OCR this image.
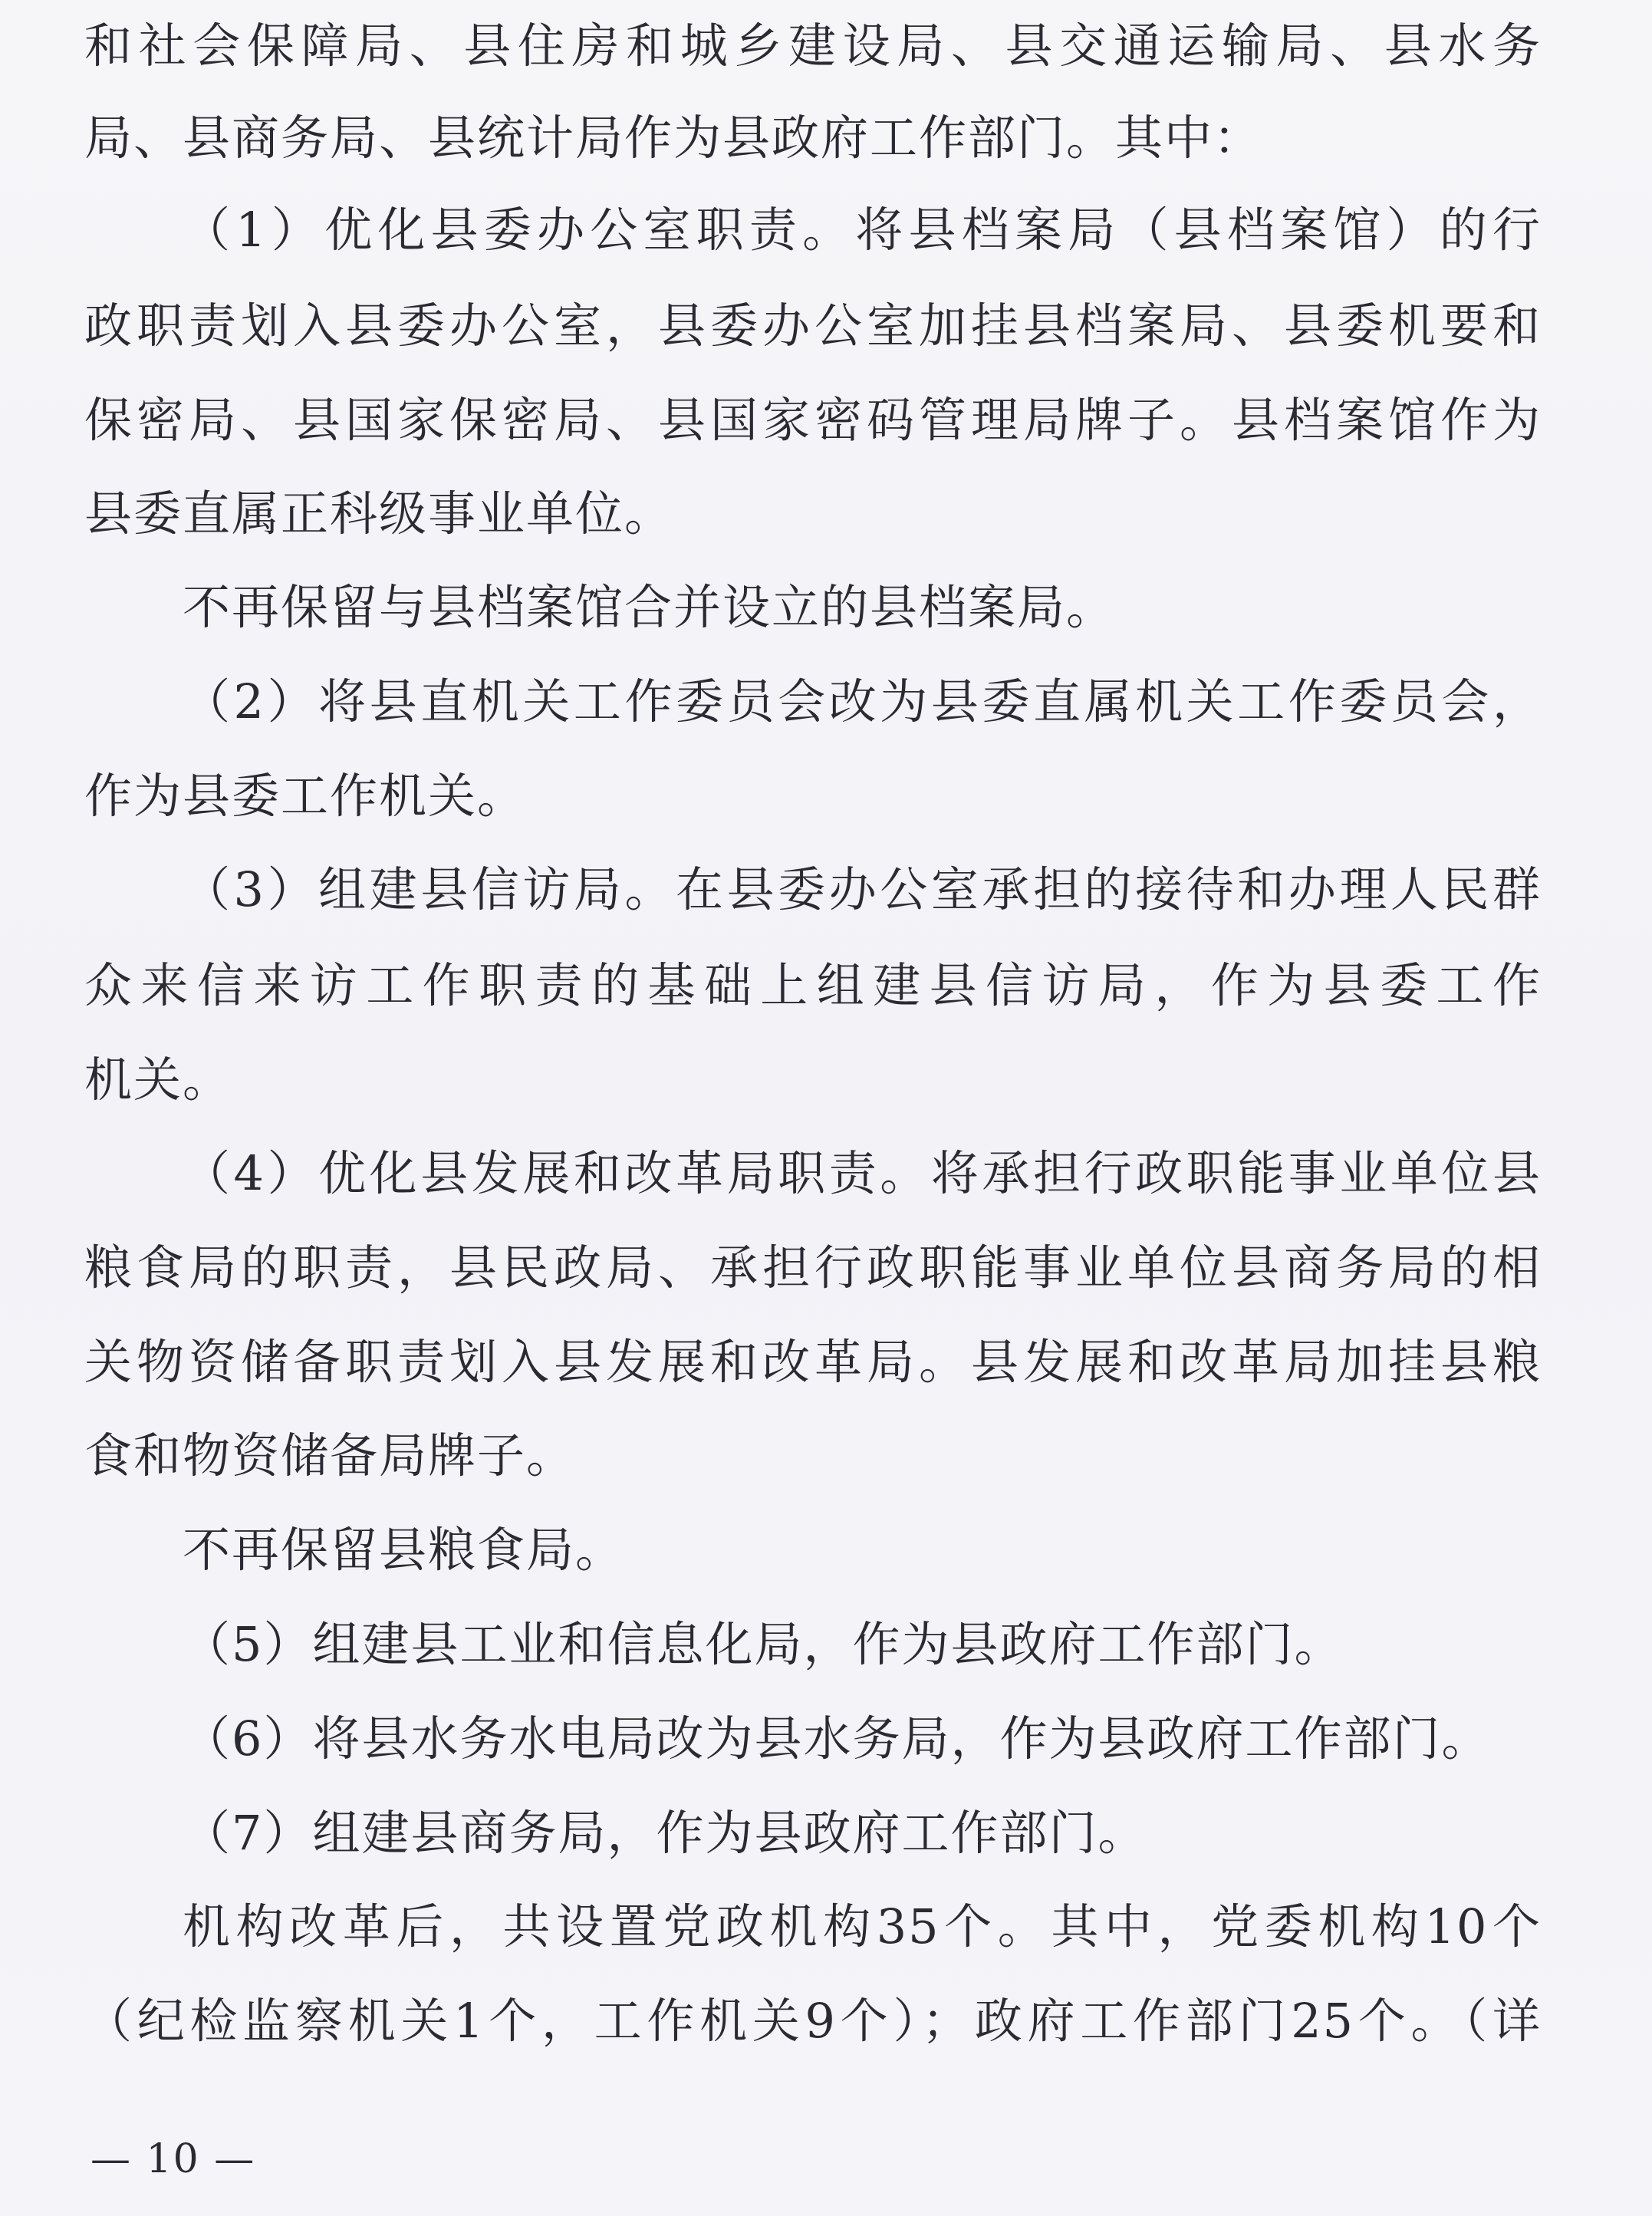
和社会保障局、县住房和城乡建设局、县交通运输局、县水务
局、县商务局、县统计局作为县政府工作部门。其中：
（1）优化县委办公室职责。将县档案局（县档案馆）的行
政职责划入县委办公室，县委办公室加挂县档案局、县委机要和
保密局、县国家保密局、县国家密码管理局牌子。县档案馆作为
县委直属正科级事业单位。
不再保留与县档案馆合并设立的县档案局。
（2）将县直机关工作委员会改为县委直属机关工作委员会，
作为县委工作机关。
（3）组建县信访局。在县委办公室承担的接待和办理人民群
众来信来访工作职责的基础上组建县信访局，作为县委工作
机关。
（4）优化县发展和改革局职责。将承担行政职能事业单位县
粮食局的职责，县民政局、承担行政职能事业单位县商务局的相
关物资储备职责划入县发展和改革局。县发展和改革局加挂县粮
食和物资储备局牌子。
不再保留县粮食局。
（5）组建县工业和信息化局，作为县政府工作部门。
（6）将县水务水电局改为县水务局，作为县政府工作部门。
（7）组建县商务局，作为县政府工作部门。
机构改革后，共设置党政机构35个。其中，党委机构10个
（纪检监察机关1个，工作机关9个）；政府工作部门25个。（详
— 10 —
